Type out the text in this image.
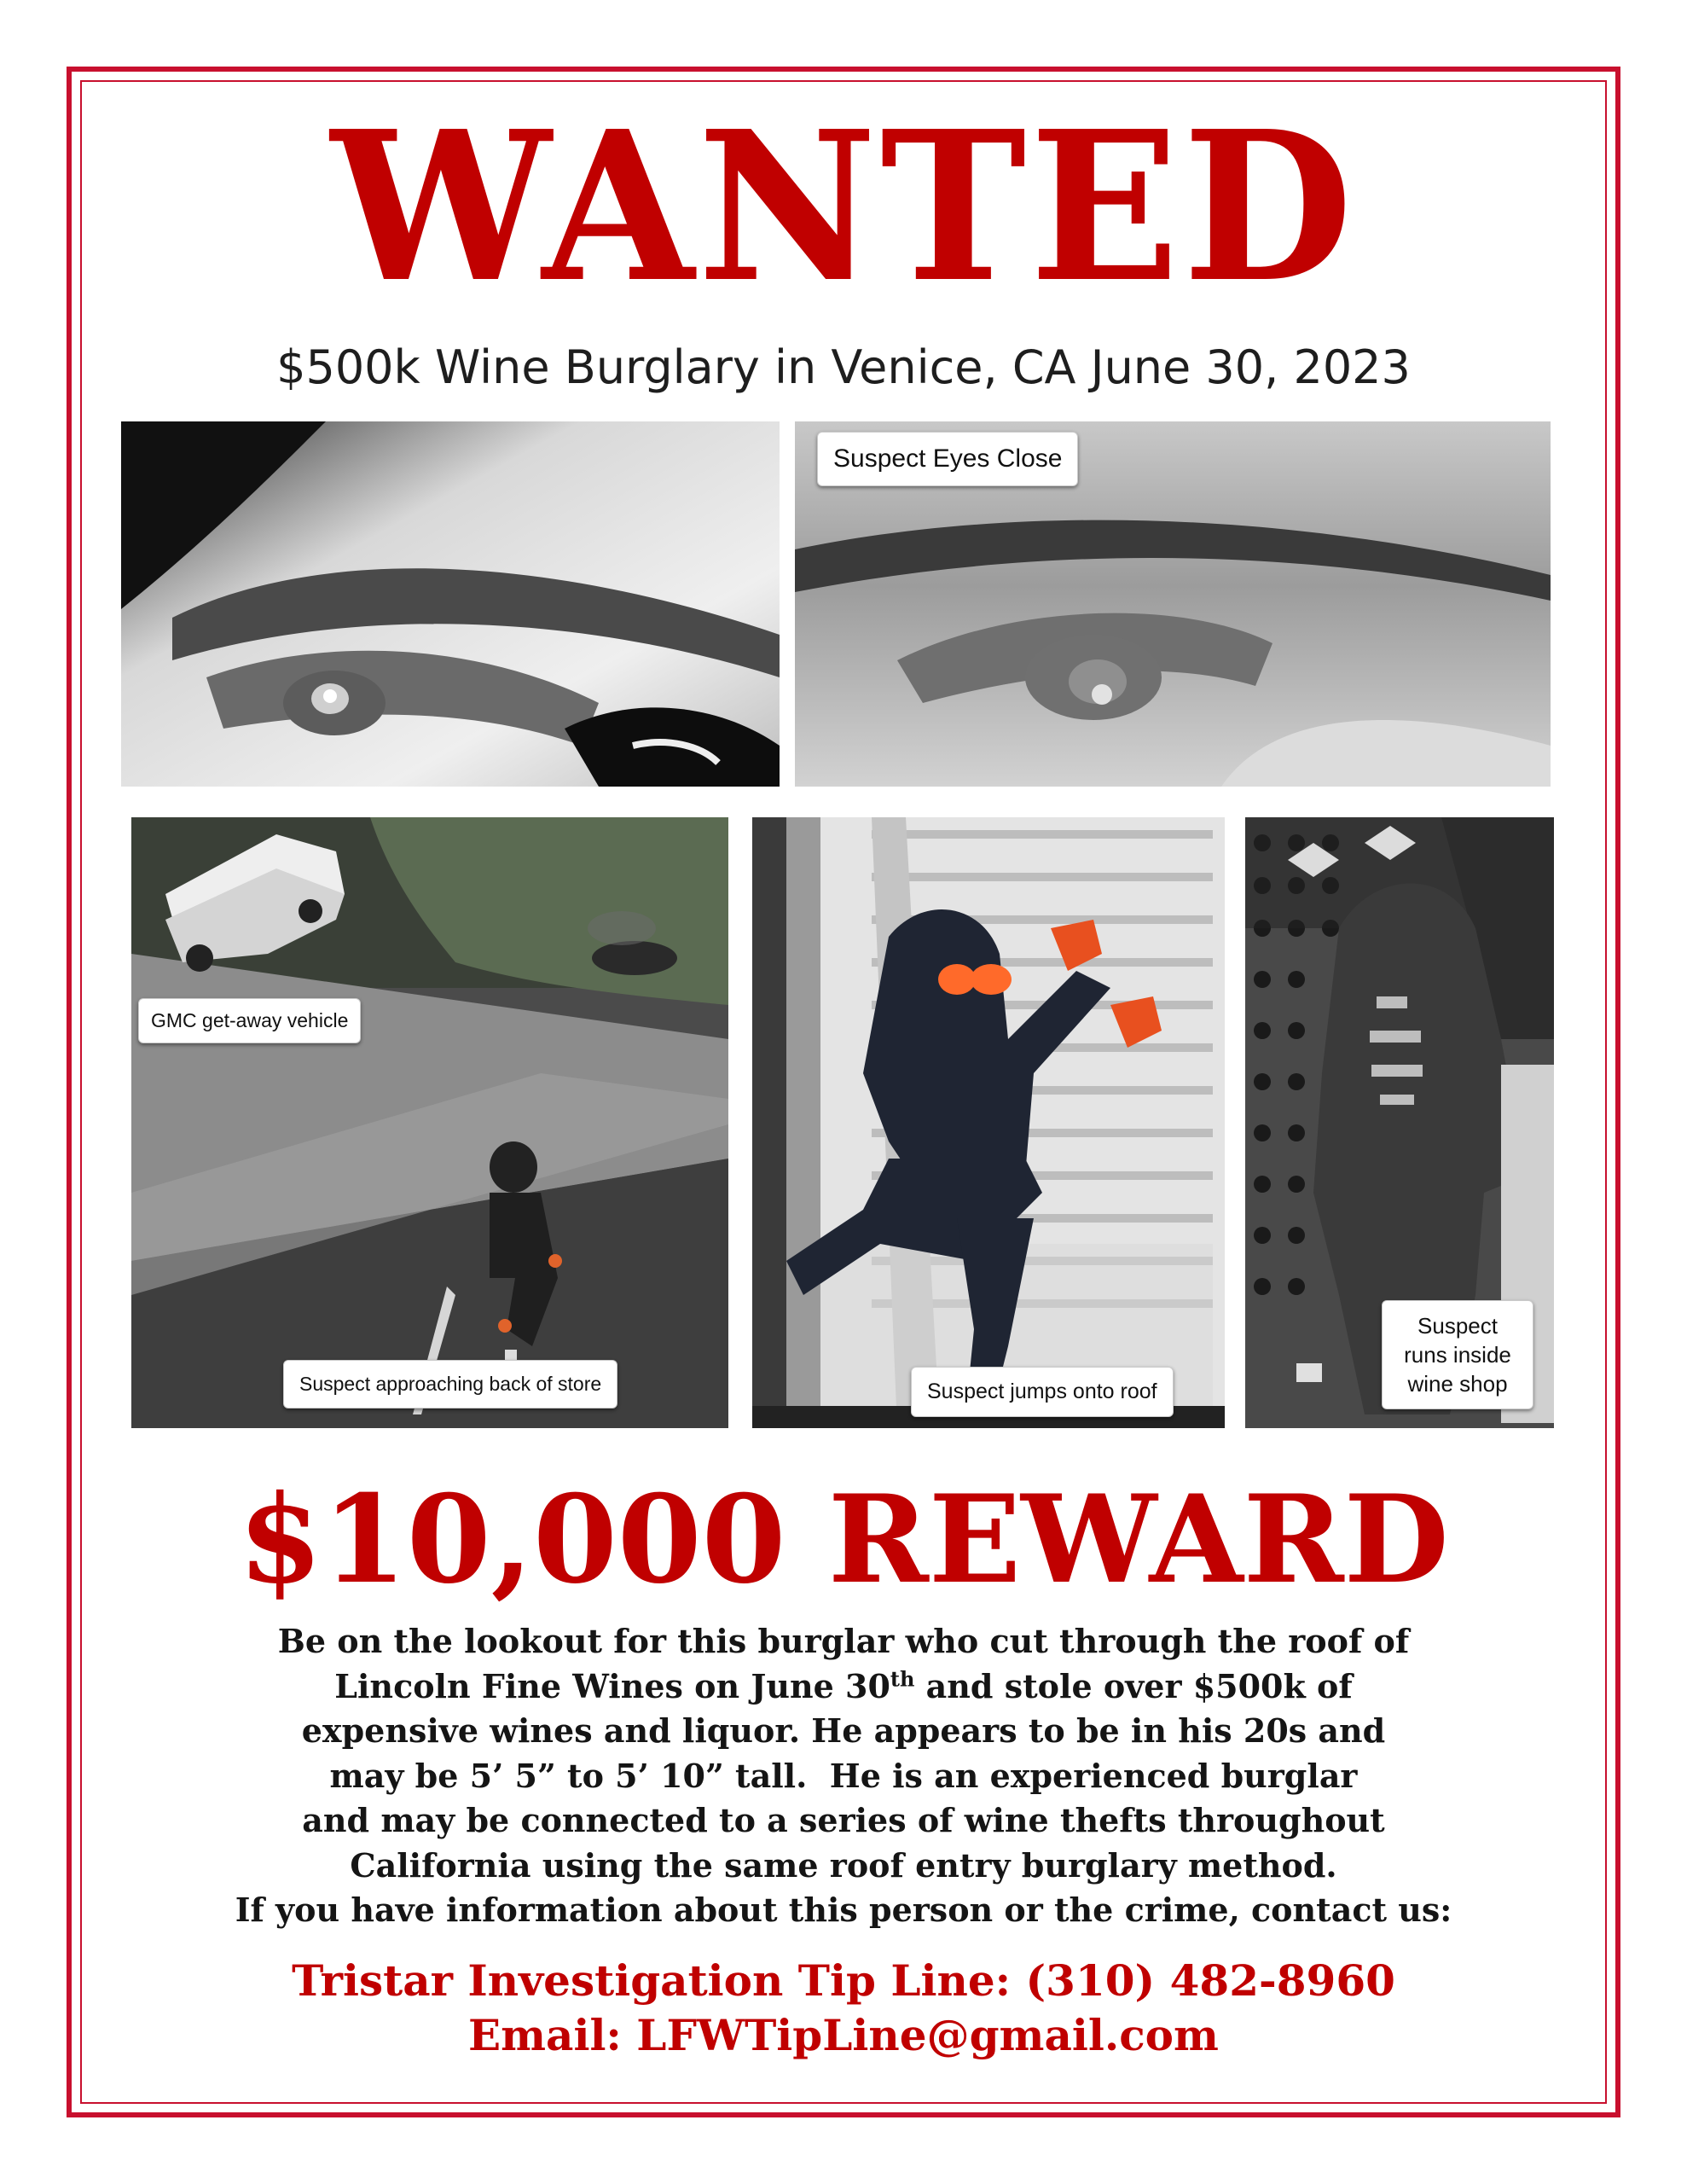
WANTED
$500k Wine Burglary in Venice, CA June 30, 2023
Suspect Eyes Close
GMC get-away vehicle
Suspect approaching back of store	Suspect jumps onto roof
Suspect
runs inside
wine shop
$10,000 REWARD
Be on the lookout for this burglar who cut through the roof of
Lincoln Fine Wines on June 30th and stole over $500k of
expensive wines and liquor. He appears to be in his 20s and
may be 5’ 5” to 5’ 10” tall.  He is an experienced burglar
and may be connected to a series of wine thefts throughout
California using the same roof entry burglary method.
If you have information about this person or the crime, contact us:
Tristar Investigation Tip Line: (310) 482-8960
Email: LFWTipLine@gmail.com
